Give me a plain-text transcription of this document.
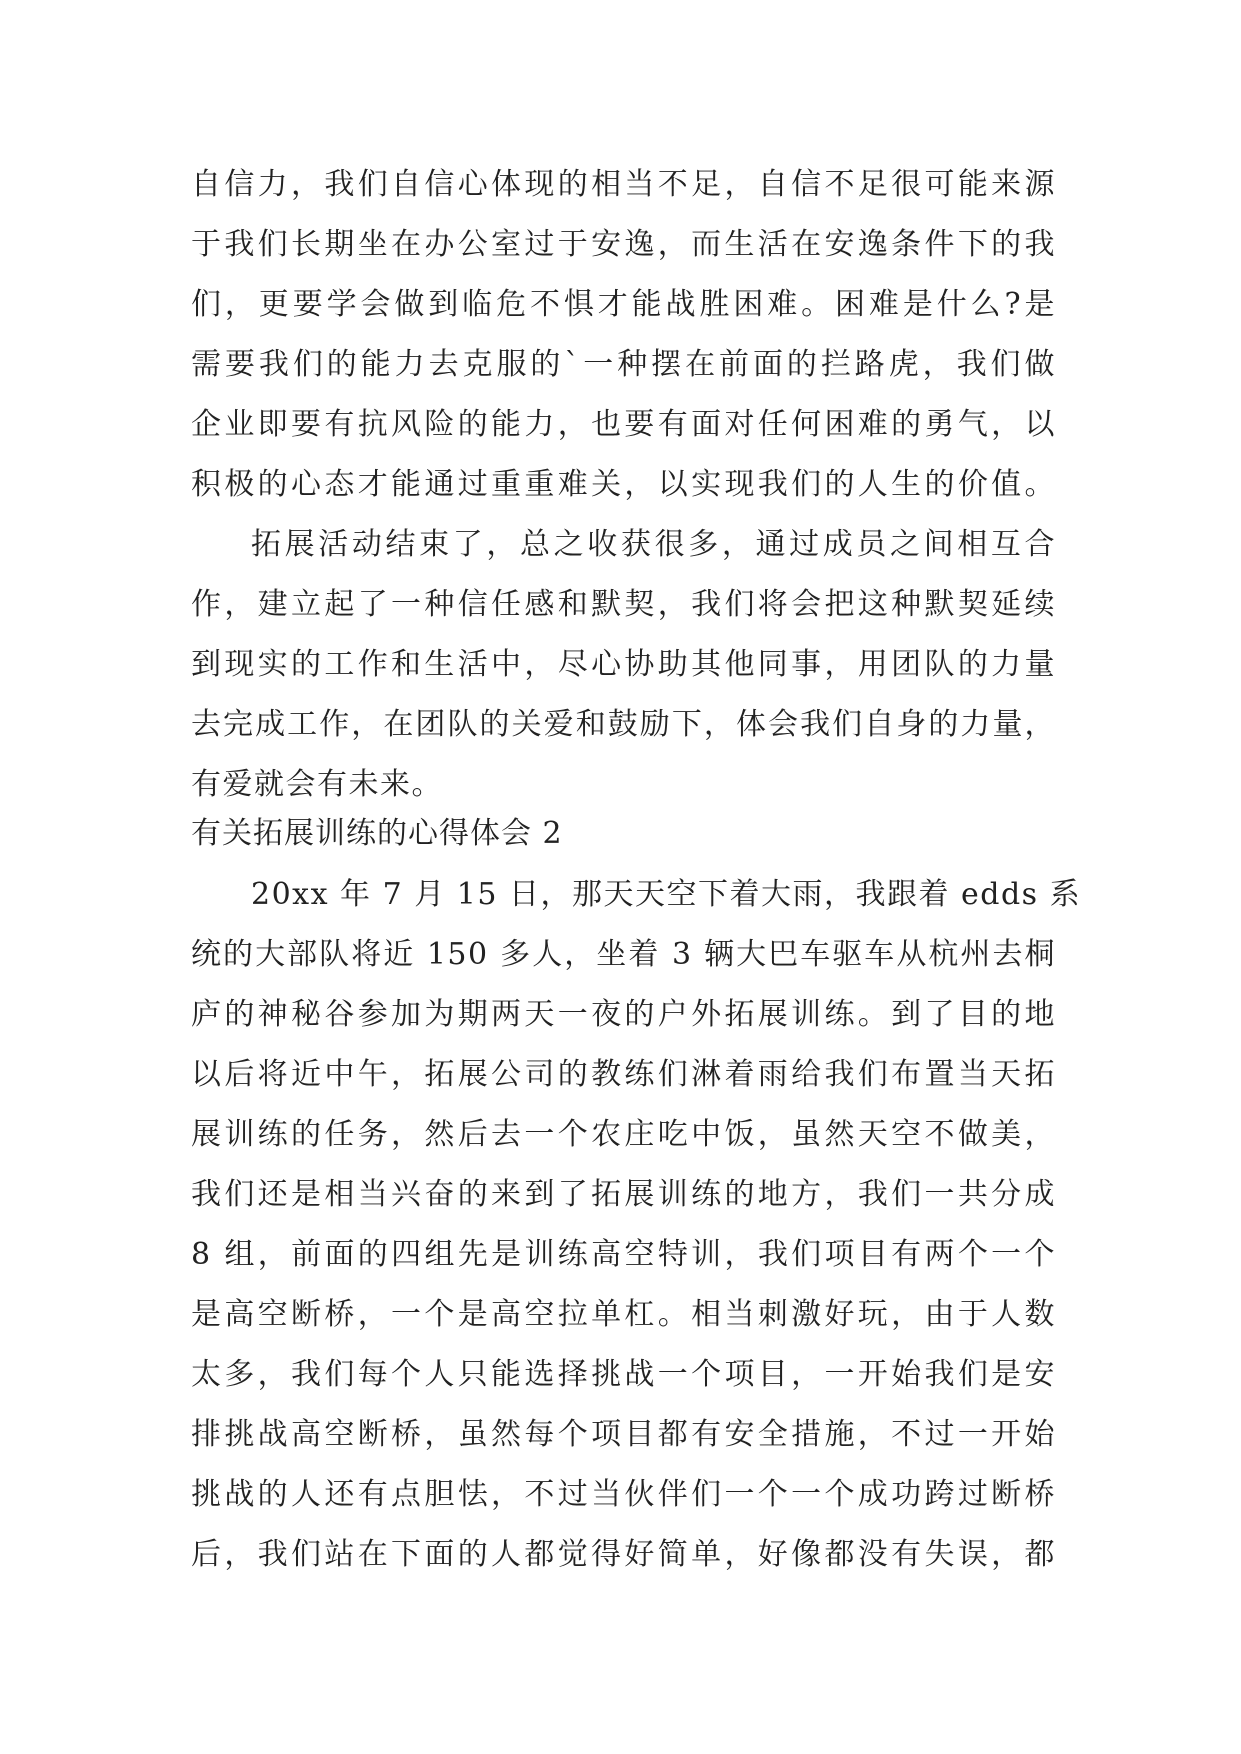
自信力，我们自信心体现的相当不足，自信不足很可能来源
于我们长期坐在办公室过于安逸，而生活在安逸条件下的我
们，更要学会做到临危不惧才能战胜困难。困难是什么?是
需要我们的能力去克服的`一种摆在前面的拦路虎，我们做
企业即要有抗风险的能力，也要有面对任何困难的勇气，以
积极的心态才能通过重重难关，以实现我们的人生的价值。
拓展活动结束了，总之收获很多，通过成员之间相互合
作，建立起了一种信任感和默契，我们将会把这种默契延续
到现实的工作和生活中，尽心协助其他同事，用团队的力量
去完成工作，在团队的关爱和鼓励下，体会我们自身的力量，
有爱就会有未来。
有关拓展训练的心得体会 2
20xx 年 7 月 15 日，那天天空下着大雨，我跟着 edds 系
统的大部队将近 150 多人，坐着 3 辆大巴车驱车从杭州去桐
庐的神秘谷参加为期两天一夜的户外拓展训练。到了目的地
以后将近中午，拓展公司的教练们淋着雨给我们布置当天拓
展训练的任务，然后去一个农庄吃中饭，虽然天空不做美，
我们还是相当兴奋的来到了拓展训练的地方，我们一共分成
8 组，前面的四组先是训练高空特训，我们项目有两个一个
是高空断桥，一个是高空拉单杠。相当刺激好玩，由于人数
太多，我们每个人只能选择挑战一个项目，一开始我们是安
排挑战高空断桥，虽然每个项目都有安全措施，不过一开始
挑战的人还有点胆怯，不过当伙伴们一个一个成功跨过断桥
后，我们站在下面的人都觉得好简单，好像都没有失误，都
